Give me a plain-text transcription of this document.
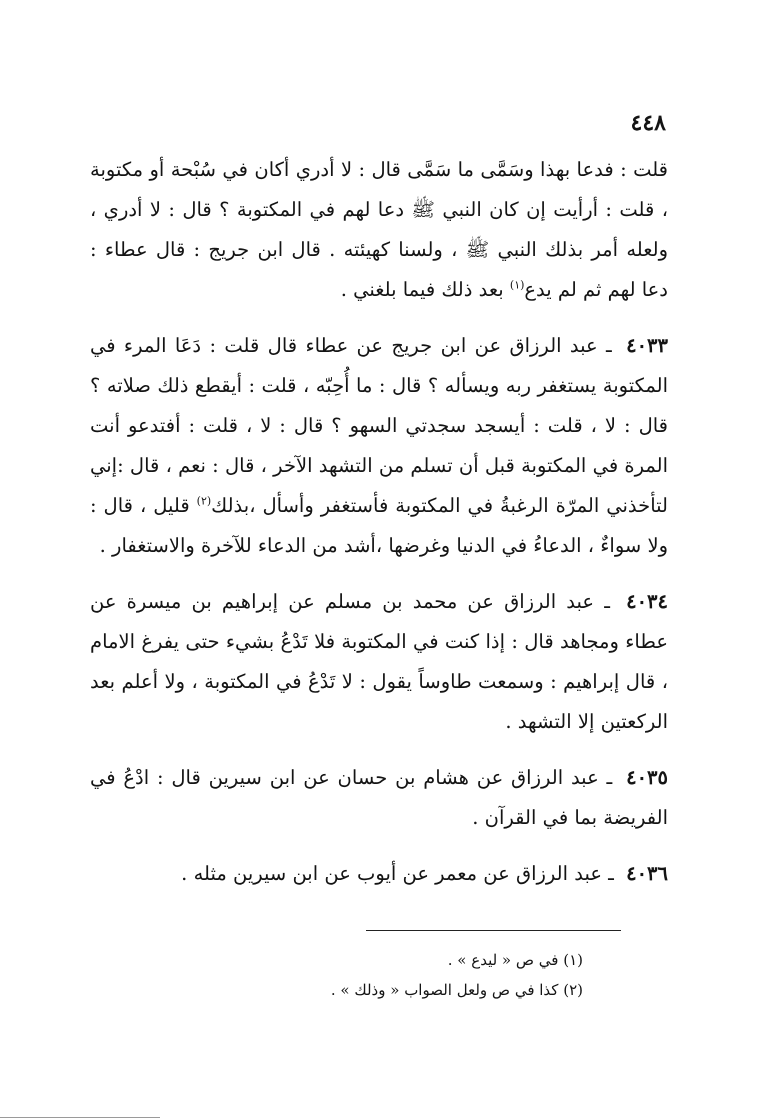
٤٤٨

قلت : فدعا بهذا وسَمَّى ما سَمَّى قال : لا أدري أكان في سُبْحة أو مكتوبة ، قلت : أرأيت إن كان النبي ﷺ دعا لهم في المكتوبة ؟ قال : لا أدري ، ولعله أمر بذلك النبي ﷺ ، ولسنا كهيئته . قال ابن جريج : قال عطاء : دعا لهم ثم لم يدع$^{(١)}$ بعد ذلك فيما بلغني .

٤٠٣٣ ـ عبد الرزاق عن ابن جريج عن عطاء قال قلت : دَعَا المرء في المكتوبة يستغفر ربه ويسأله ؟ قال : ما أُحِبّه ، قلت : أيقطع ذلك صلاته ؟ قال : لا ، قلت : أيسجد سجدتي السهو ؟ قال : لا ، قلت : أفتدعو أنت المرة في المكتوبة قبل أن تسلم من التشهد الآخر ، قال : نعم ، قال :إني لتأخذني المرّة الرغبةُ في المكتوبة فأستغفر وأسأل ،بذلك$^{(٢)}$ قليل ، قال : ولا سواءٌ ، الدعاءُ في الدنيا وغرضها ،أشد من الدعاء للآخرة والاستغفار .

٤٠٣٤ ـ عبد الرزاق عن محمد بن مسلم عن إبراهيم بن ميسرة عن عطاء ومجاهد قال : إذا كنت في المكتوبة فلا تَدْعُ بشيء حتى يفرغ الامام ، قال إبراهيم : وسمعت طاوساً يقول : لا تَدْعُ في المكتوبة ، ولا أعلم بعد الركعتين إلا التشهد .

٤٠٣٥ ـ عبد الرزاق عن هشام بن حسان عن ابن سيرين قال : ادْعُ في الفريضة بما في القرآن .

٤٠٣٦ ـ عبد الرزاق عن معمر عن أيوب عن ابن سيرين مثله .

(١) في ص « ليدع » .

(٢) كذا في ص ولعل الصواب « وذلك » .
